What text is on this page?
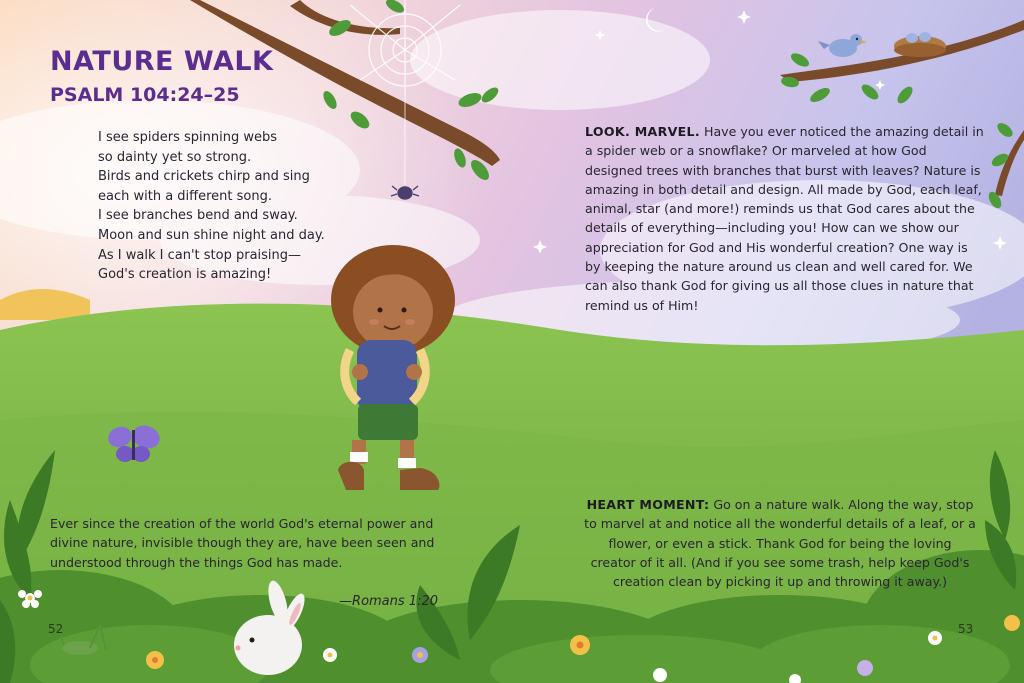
NATURE WALK
PSALM 104:24–25
I see spiders spinning webs
so dainty yet so strong.
Birds and crickets chirp and sing
each with a different song.
I see branches bend and sway.
Moon and sun shine night and day.
As I walk I can't stop praising—
God's creation is amazing!
LOOK. MARVEL. Have you ever noticed the amazing detail in a spider web or a snowflake? Or marveled at how God designed trees with branches that burst with leaves? Nature is amazing in both detail and design. All made by God, each leaf, animal, star (and more!) reminds us that God cares about the details of everything—including you! How can we show our appreciation for God and His wonderful creation? One way is by keeping the nature around us clean and well cared for. We can also thank God for giving us all those clues in nature that remind us of Him!
Ever since the creation of the world God's eternal power and divine nature, invisible though they are, have been seen and understood through the things God has made.
—Romans 1:20
HEART MOMENT: Go on a nature walk. Along the way, stop to marvel at and notice all the wonderful details of a leaf, or a flower, or even a stick. Thank God for being the loving creator of it all. (And if you see some trash, help keep God's creation clean by picking it up and throwing it away.)
52	53
